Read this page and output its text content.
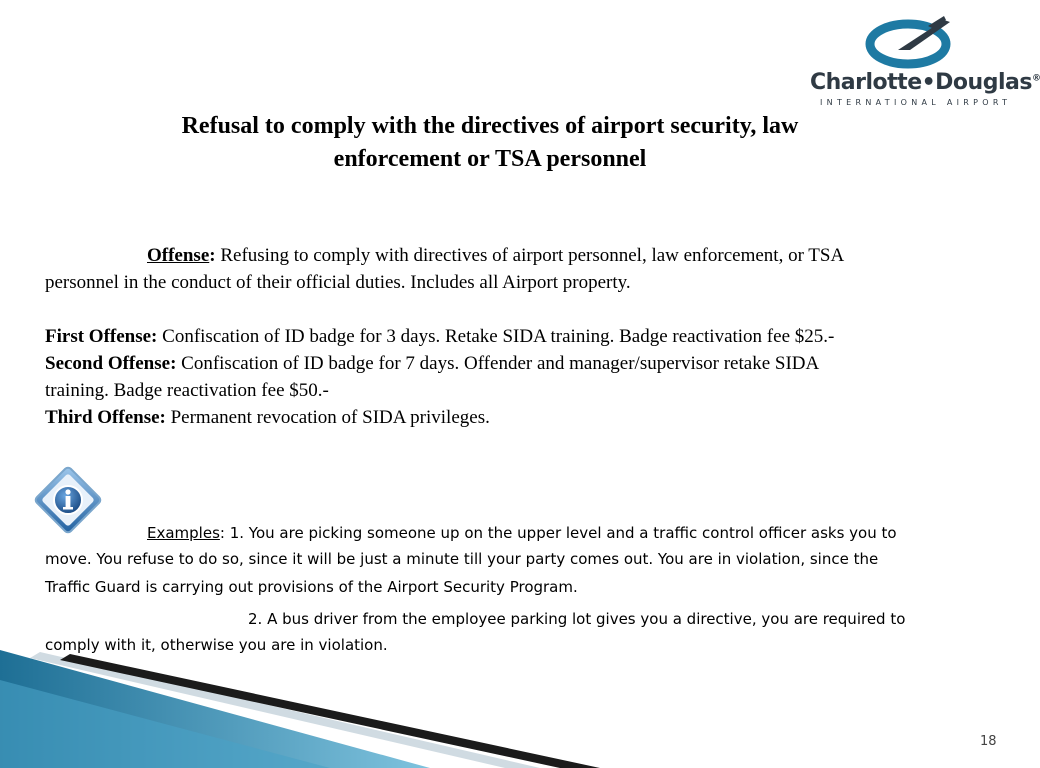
Charlotte•Douglas®
INTERNATIONAL AIRPORT
Refusal to comply with the directives of airport security, law
enforcement or TSA personnel

Offense: Refusing to comply with directives of airport personnel, law enforcement, or TSA

personnel in the conduct of their official duties. Includes all Airport property.

First Offense: Confiscation of ID badge for 3 days. Retake SIDA training. Badge reactivation fee $25.-

Second Offense: Confiscation of ID badge for 7 days. Offender and manager/supervisor retake SIDA

training. Badge reactivation fee $50.-

Third Offense: Permanent revocation of SIDA privileges.

Examples: 1. You are picking someone up on the upper level and a traffic control officer asks you to

move. You refuse to do so, since it will be just a minute till your party comes out. You are in violation, since the

Traffic Guard is carrying out provisions of the Airport Security Program.

2. A bus driver from the employee parking lot gives you a directive, you are required to

comply with it, otherwise you are in violation.

18
